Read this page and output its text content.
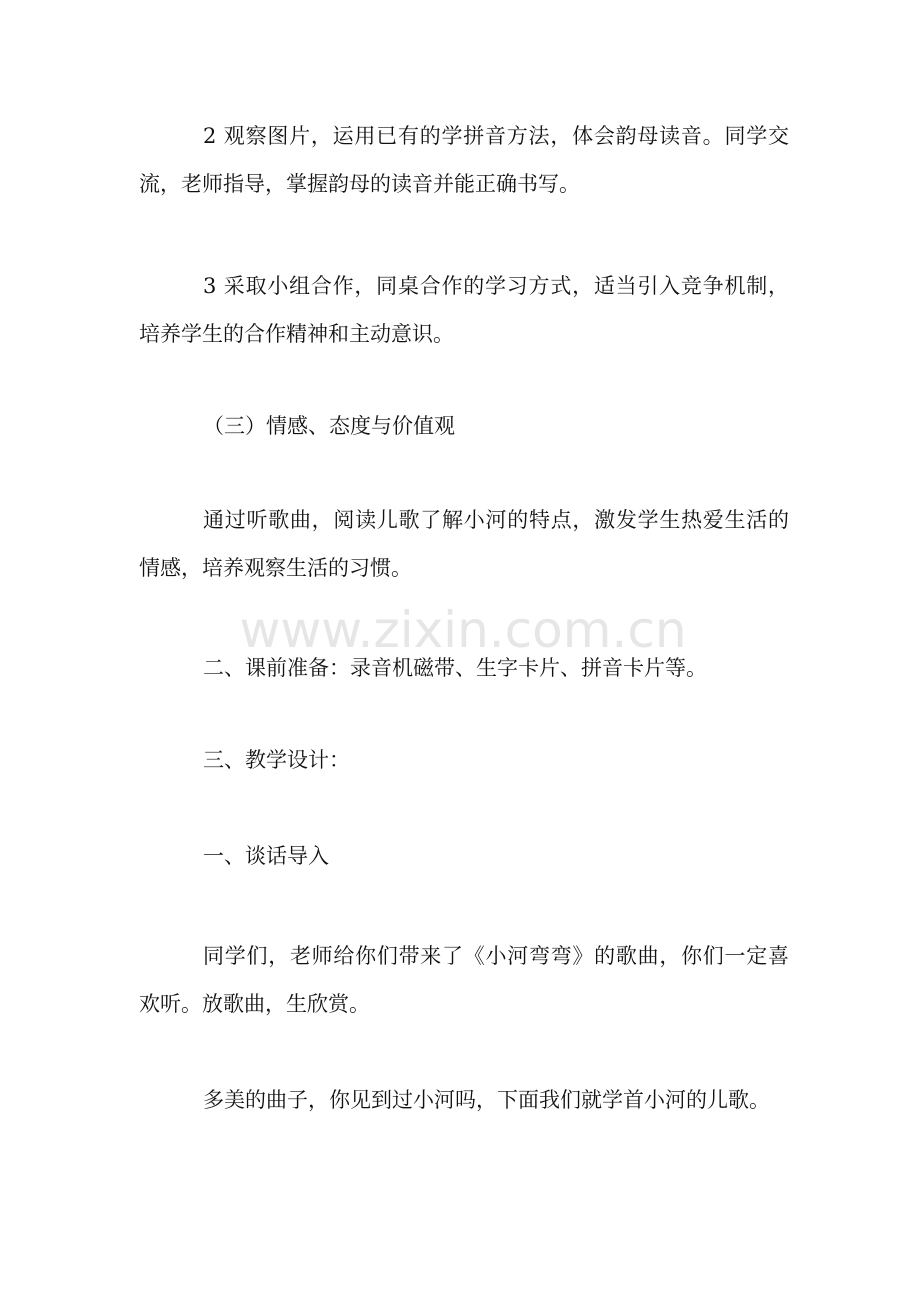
2 观察图片，运用已有的学拼音方法，体会韵母读音。同学交流，老师指导，掌握韵母的读音并能正确书写。

3 采取小组合作，同桌合作的学习方式，适当引入竞争机制，培养学生的合作精神和主动意识。

（三）情感、态度与价值观

通过听歌曲，阅读儿歌了解小河的特点，激发学生热爱生活的情感，培养观察生活的习惯。

二、课前准备：录音机磁带、生字卡片、拼音卡片等。

三、教学设计：

一、谈话导入

同学们，老师给你们带来了《小河弯弯》的歌曲，你们一定喜欢听。放歌曲，生欣赏。

多美的曲子，你见到过小河吗，下面我们就学首小河的儿歌。

www.zixin.com.cn
